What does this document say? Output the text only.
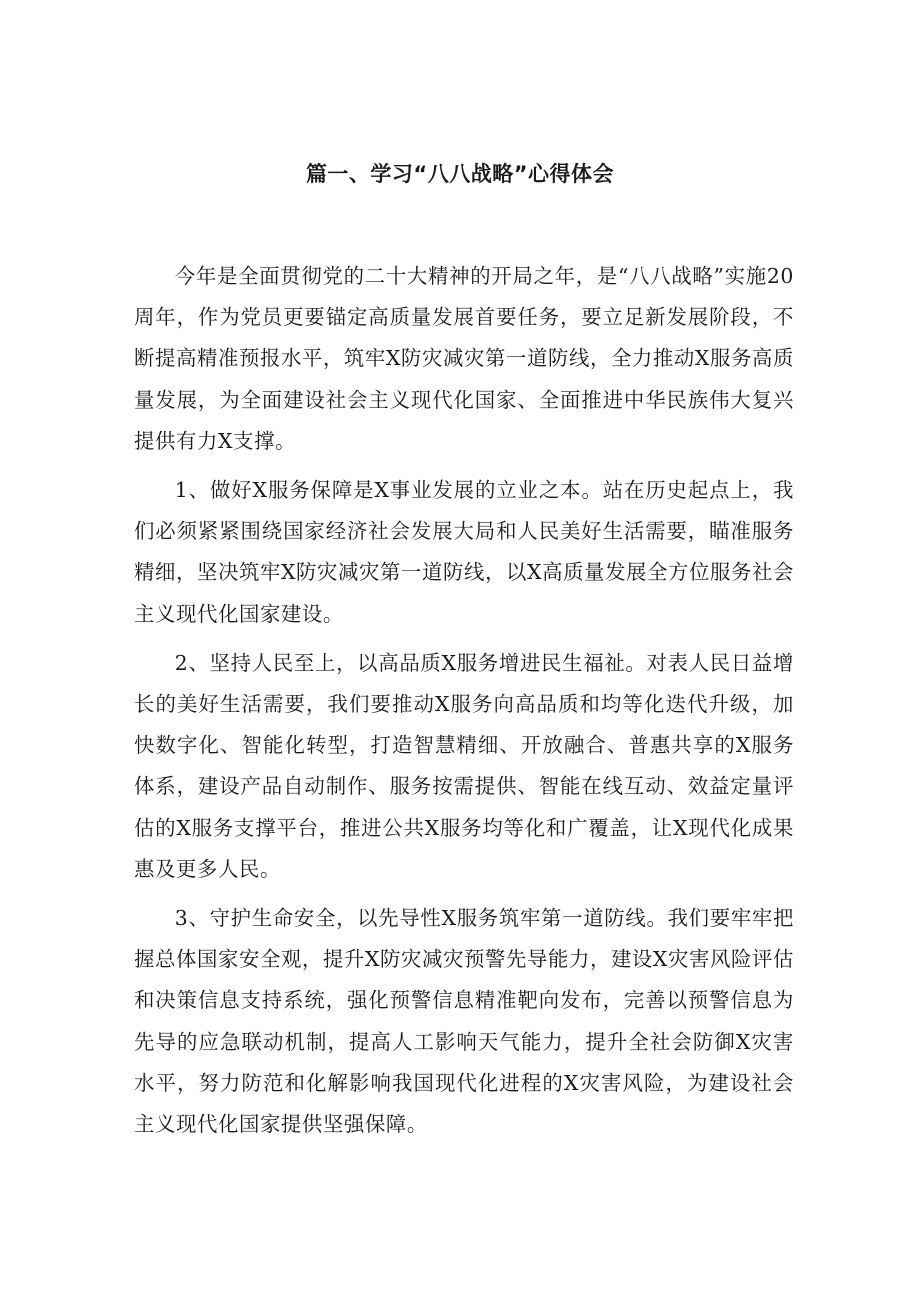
篇一、学习“八八战略”心得体会

今年是全面贯彻党的二十大精神的开局之年，是“八八战略”实施20周年，作为党员更要锚定高质量发展首要任务，要立足新发展阶段，不断提高精准预报水平，筑牢X防灾减灾第一道防线，全力推动X服务高质量发展，为全面建设社会主义现代化国家、全面推进中华民族伟大复兴提供有力X支撑。

1、做好X服务保障是X事业发展的立业之本。站在历史起点上，我们必须紧紧围绕国家经济社会发展大局和人民美好生活需要，瞄准服务精细，坚决筑牢X防灾减灾第一道防线，以X高质量发展全方位服务社会主义现代化国家建设。

2、坚持人民至上，以高品质X服务增进民生福祉。对表人民日益增长的美好生活需要，我们要推动X服务向高品质和均等化迭代升级，加快数字化、智能化转型，打造智慧精细、开放融合、普惠共享的X服务体系，建设产品自动制作、服务按需提供、智能在线互动、效益定量评估的X服务支撑平台，推进公共X服务均等化和广覆盖，让X现代化成果惠及更多人民。

3、守护生命安全，以先导性X服务筑牢第一道防线。我们要牢牢把握总体国家安全观，提升X防灾减灾预警先导能力，建设X灾害风险评估和决策信息支持系统，强化预警信息精准靶向发布，完善以预警信息为先导的应急联动机制，提高人工影响天气能力，提升全社会防御X灾害水平，努力防范和化解影响我国现代化进程的X灾害风险，为建设社会主义现代化国家提供坚强保障。
